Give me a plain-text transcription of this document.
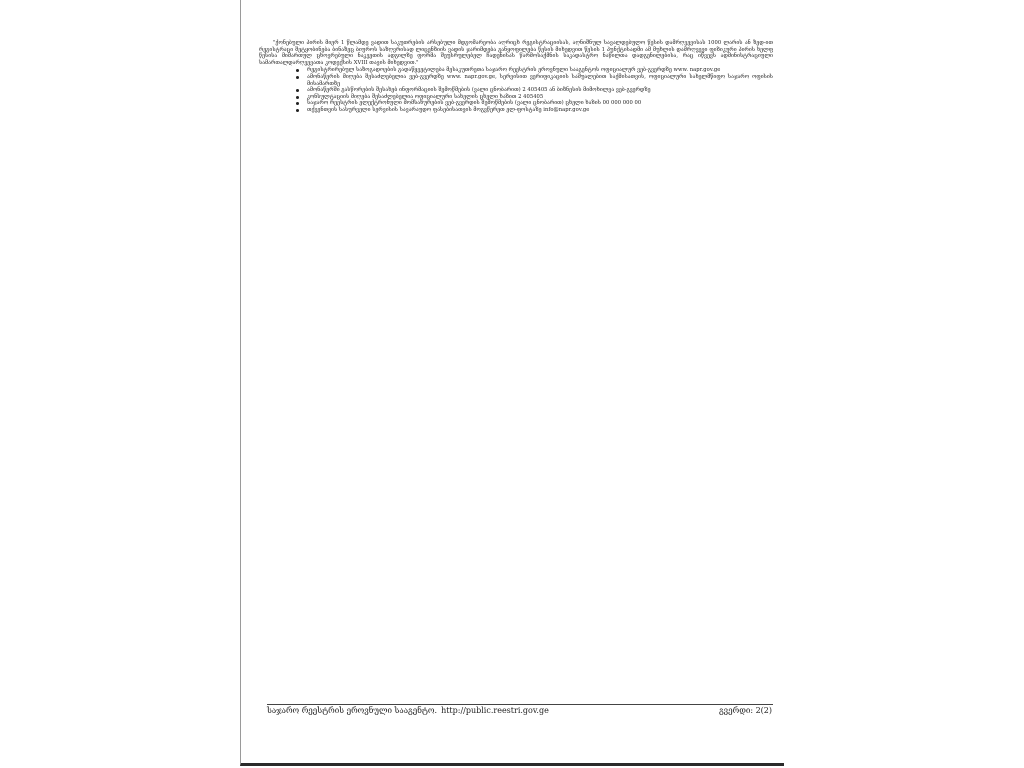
"ქონებული პირის მიერ 1 წლამდე ვადით საკუთრების არსებული მდგომარეობა აღრიცხ რეგისტრაციისას, აღნიშნულ სავალდებულო წესის დამრღვევისას 1000 ლარის ან ზედ-ით რეგისტრაცი შეტყობინება ბინაზეც ბიუროს საზღვრისად ლიცენზიის ვადის ჯარიმდება განყოფილება წესის მიხედვით წესის 1 პუნქტისადმი ამ მუხლის დამრღვევი ფიზიკური პირის ხელფ წესისა მიმართულ ცხოვრებული ნაკვეთის ადგილზე ფორმა შეუსრულებელ ჩადენისას წარმოსაქმნის საკადასტრო ნაწილთა დადგენილებისა, რაც იწვევს ადმინისტრაციული სამართალდარღვევათა კოდექსის XVIII თავის მიხედვით."

რეგისტრირებულ საზოგადოების გადაწყვეტილება მესაკუთრეთა საჯარო რეესტრის ეროვნული სააგენტოს ოფიციალურ ვებ-გვერდზე www. napr.gov.ge
ამონაწერის მიღება შესაძლებელია ვებ-გვერდზე www. napr.gov.ge, სერვისით ვერიფიკაციის საშუალებით საქმისათვის, ოფიციალური სახელმწიფო საჯარო ოფისის მისამართზე
ამონაწერში გასწორების შესახებ ინფორმაციის შემოწმების (ვალი ცნობარით) 2 405405 ან ბიზნესის მიმოხილვა ვებ-გვერდზე
კონსულტაციის მიღება შესაძლებელია ოფიციალური სახელის ცხელი ხაზით 2 405405
საჯარო რეესტრის ელექტრონული მომსახურების ვებ-გვერდის შემოწმების (ვალი ცნობარით) ცხელი ხაზის 00 000 000 00
თქვენთვის სასურველი სერვისის სავარაუდო ფასებისათვის მოგვწერეთ ელ-ფოსტაზე info@napr.gov.ge
საჯარო რეესტრის ეროვნული სააგენტო. http://public.reestri.gov.ge	გვერდი: 2(2)
